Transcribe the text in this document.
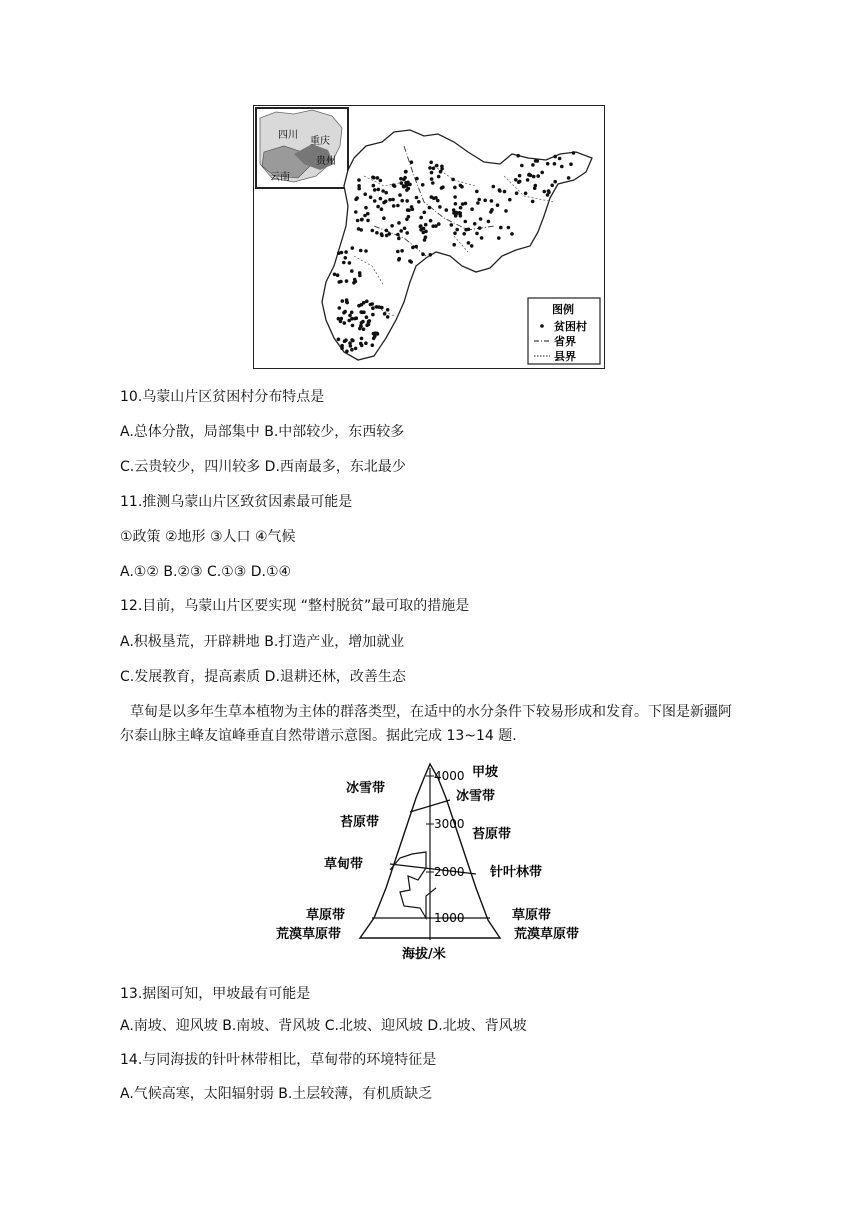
四川
重庆
贵州
云南
图例
贫困村
省界
县界
10.乌蒙山片区贫困村分布特点是
A.总体分散，局部集中 B.中部较少，东西较多
C.云贵较少，四川较多 D.西南最多，东北最少
11.推测乌蒙山片区致贫因素最可能是
①政策 ②地形 ③人口 ④气候
A.①② B.②③ C.①③ D.①④
12.目前，乌蒙山片区要实现 “整村脱贫”最可取的措施是
A.积极垦荒，开辟耕地 B.打造产业，增加就业
C.发展教育，提高素质 D.退耕还林，改善生态
草甸是以多年生草本植物为主体的群落类型，在适中的水分条件下较易形成和发育。下图是新疆阿尔泰山脉主峰友谊峰垂直自然带谱示意图。据此完成 13~14 题.
4000
3000
2000
1000
甲坡
冰雪带
苔原带
草甸带
草原带
荒漠草原带
冰雪带
苔原带
针叶林带
草原带
荒漠草原带
海拔/米
13.据图可知，甲坡最有可能是
A.南坡、迎风坡 B.南坡、背风坡 C.北坡、迎风坡 D.北坡、背风坡
14.与同海拔的针叶林带相比，草甸带的环境特征是
A.气候高寒，太阳辐射弱 B.土层较薄，有机质缺乏
